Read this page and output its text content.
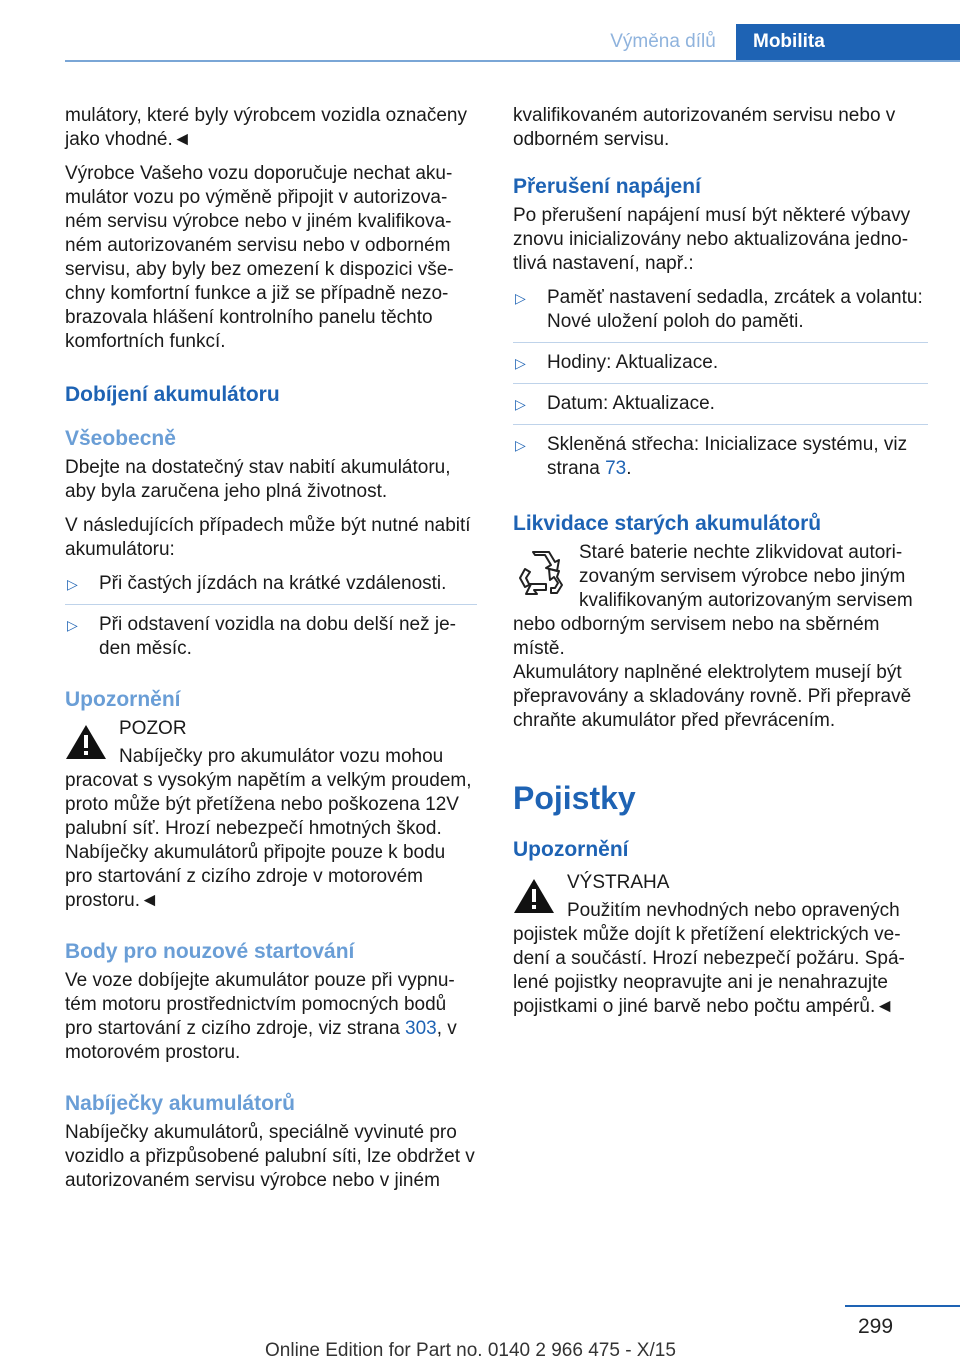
Výměna dílů	Mobilita

mulátory, které byly výrobcem vozidla označeny jako vhodné.◄

Výrobce Vašeho vozu doporučuje nechat akumulátor vozu po výměně připojit v autorizovaném servisu výrobce nebo v jiném kvalifikovaném autorizovaném servisu nebo v odborném servisu, aby byly bez omezení k dispozici všechny komfortní funkce a již se případně nezobrazovala hlášení kontrolního panelu těchto komfortních funkcí.

Dobíjení akumulátoru
Všeobecně

Dbejte na dostatečný stav nabití akumulátoru, aby byla zaručena jeho plná životnost.

V následujících případech může být nutné nabití akumulátoru:

▷ Při častých jízdách na krátké vzdálenosti.
▷ Při odstavení vozidla na dobu delší než jeden měsíc.
Upozornění
POZOR
Nabíječky pro akumulátor vozu mohou pracovat s vysokým napětím a velkým proudem, proto může být přetížena nebo poškozena 12V palubní síť. Hrozí nebezpečí hmotných škod. Nabíječky akumulátorů připojte pouze k bodu pro startování z cizího zdroje v motorovém prostoru.◄
Body pro nouzové startování

Ve voze dobíjejte akumulátor pouze při vypnutém motoru prostřednictvím pomocných bodů pro startování z cizího zdroje, viz strana 303, v motorovém prostoru.

Nabíječky akumulátorů

Nabíječky akumulátorů, speciálně vyvinuté pro vozidlo a přizpůsobené palubní síti, lze obdržet v autorizovaném servisu výrobce nebo v jiném

kvalifikovaném autorizovaném servisu nebo v odborném servisu.

Přerušení napájení

Po přerušení napájení musí být některé výbavy znovu inicializovány nebo aktualizována jednotlivá nastavení, např.:

▷ Paměť nastavení sedadla, zrcátek a volantu: Nové uložení poloh do paměti.
▷ Hodiny: Aktualizace.
▷ Datum: Aktualizace.
▷ Skleněná střecha: Inicializace systému, viz strana 73.
Likvidace starých akumulátorů
Staré baterie nechte zlikvidovat autorizovaným servisem výrobce nebo jiným kvalifikovaným autorizovaným servisem nebo odborným servisem nebo na sběrném místě.

Akumulátory naplněné elektrolytem musejí být přepravovány a skladovány rovně. Při přepravě chraňte akumulátor před převrácením.

Pojistky
Upozornění
VÝSTRAHA
Použitím nevhodných nebo opravených pojistek může dojít k přetížení elektrických vedení a součástí. Hrozí nebezpečí požáru. Spálené pojistky neopravujte ani je nenahrazujte pojistkami o jiné barvě nebo počtu ampérů.◄
299
Online Edition for Part no. 0140 2 966 475 - X/15
